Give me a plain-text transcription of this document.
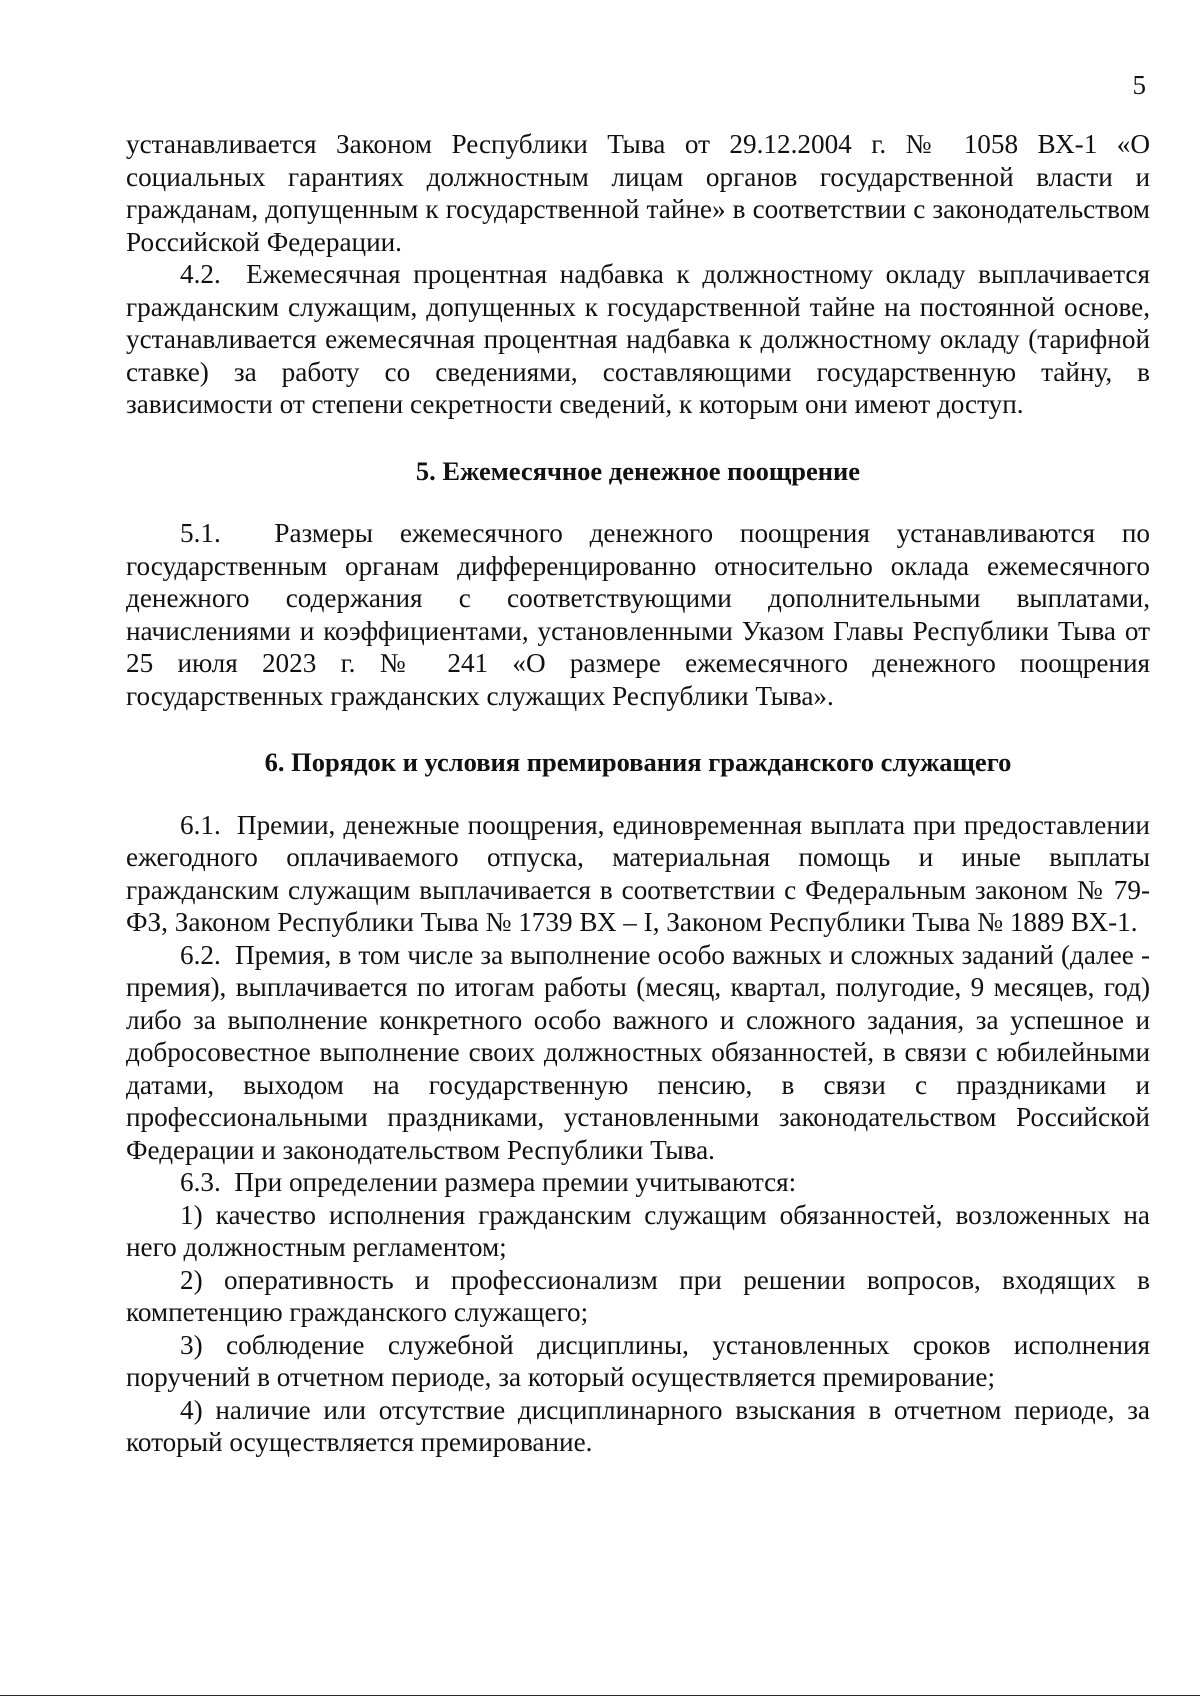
5

устанавливается Законом Республики Тыва от 29.12.2004 г. № 1058 ВХ-1 «О социальных гарантиях должностным лицам органов государственной власти и гражданам, допущенным к государственной тайне» в соответствии с законодательством Российской Федерации.

4.2.  Ежемесячная процентная надбавка к должностному окладу выплачивается гражданским служащим, допущенных к государственной тайне на постоянной основе, устанавливается ежемесячная процентная надбавка к должностному окладу (тарифной ставке) за работу со сведениями, составляющими государственную тайну, в зависимости от степени секретности сведений, к которым они имеют доступ.

5. Ежемесячное денежное поощрение

5.1.  Размеры ежемесячного денежного поощрения устанавливаются по государственным органам дифференцированно относительно оклада ежемесячного денежного содержания с соответствующими дополнительными выплатами, начислениями и коэффициентами, установленными Указом Главы Республики Тыва от 25 июля 2023 г. № 241 «О размере ежемесячного денежного поощрения государственных гражданских служащих Республики Тыва».

6. Порядок и условия премирования гражданского служащего

6.1.  Премии, денежные поощрения, единовременная выплата при предоставлении ежегодного оплачиваемого отпуска, материальная помощь и иные выплаты гражданским служащим выплачивается в соответствии с Федеральным законом № 79-ФЗ, Законом Республики Тыва № 1739 ВХ – I, Законом Республики Тыва № 1889 ВХ-1.

6.2.  Премия, в том числе за выполнение особо важных и сложных заданий (далее - премия), выплачивается по итогам работы (месяц, квартал, полугодие, 9 месяцев, год) либо за выполнение конкретного особо важного и сложного задания, за успешное и добросовестное выполнение своих должностных обязанностей, в связи с юбилейными датами, выходом на государственную пенсию, в связи с праздниками и профессиональными праздниками, установленными законодательством Российской Федерации и законодательством Республики Тыва.

6.3.  При определении размера премии учитываются:

1) качество исполнения гражданским служащим обязанностей, возложенных на него должностным регламентом;

2) оперативность и профессионализм при решении вопросов, входящих в компетенцию гражданского служащего;

3) соблюдение служебной дисциплины, установленных сроков исполнения поручений в отчетном периоде, за который осуществляется премирование;

4) наличие или отсутствие дисциплинарного взыскания в отчетном периоде, за который осуществляется премирование.
